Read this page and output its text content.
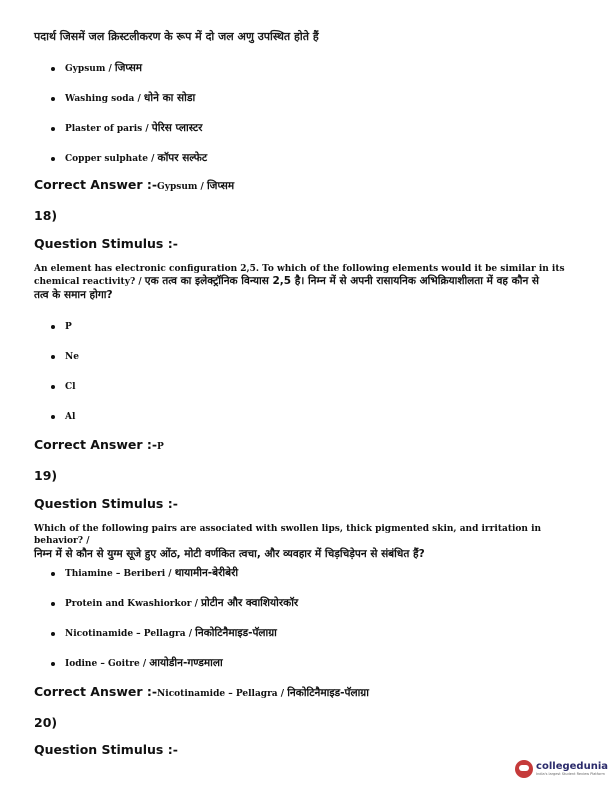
पदार्थ जिसमें जल क्रिस्टलीकरण के रूप में दो जल अणु उपस्थित होते हैं
Gypsum / जिप्सम
Washing soda / धोने का सोडा
Plaster of paris / पेरिस प्लास्टर
Copper sulphate / कॉपर सल्फेट
Correct Answer :-Gypsum / जिप्सम
18)
Question Stimulus :-
An element has electronic configuration 2,5. To which of the following elements would it be similar in its chemical reactivity? / एक तत्व का इलेक्ट्रॉनिक विन्यास 2,5 है। निम्न में से अपनी रासायनिक अभिक्रियाशीलता में वह कौन से
तत्व के समान होगा?
P
Ne
Cl
Al
Correct Answer :-P
19)
Question Stimulus :-
Which of the following pairs are associated with swollen lips, thick pigmented skin, and irritation in behavior? /
निम्न में से कौन से युग्म सूजे हुए ओंठ, मोटी वर्णकित त्वचा, और व्यवहार में चिड़चिड़ेपन से संबंधित हैं?
Thiamine – Beriberi / थायामीन-बेरीबेरी
Protein and Kwashiorkor / प्रोटीन और क्वाशियोरकॉर
Nicotinamide – Pellagra / निकोटिनैमाइड-पॅलाग्रा
Iodine – Goitre / आयोडीन-गण्डमाला
Correct Answer :-Nicotinamide – Pellagra / निकोटिनैमाइड-पॅलाग्रा
20)
Question Stimulus :-
collegedunia
India's largest Student Review Platform
